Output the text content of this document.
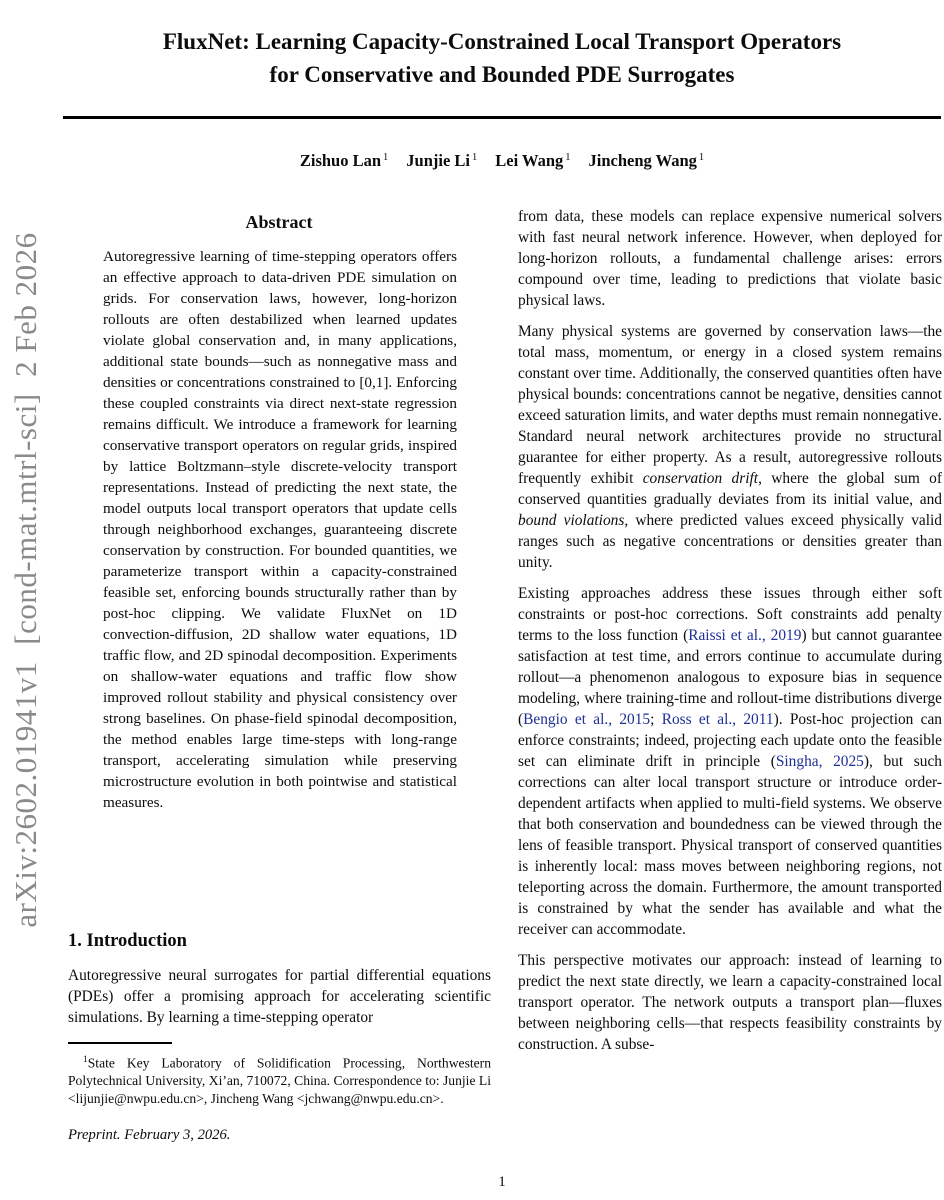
arXiv:2602.01941v1  [cond-mat.mtrl-sci]  2 Feb 2026
FluxNet: Learning Capacity-Constrained Local Transport Operators
for Conservative and Bounded PDE Surrogates
Zishuo Lan $^1$ Junjie Li $^1$ Lei Wang $^1$ Jincheng Wang $^1$
Abstract
Autoregressive learning of time-stepping operators offers an effective approach to data-driven PDE simulation on grids. For conservation laws, however, long-horizon rollouts are often destabilized when learned updates violate global conservation and, in many applications, additional state bounds—such as nonnegative mass and densities or concentrations constrained to [0,1]. Enforcing these coupled constraints via direct next-state regression remains difficult. We introduce a framework for learning conservative transport operators on regular grids, inspired by lattice Boltzmann–style discrete-velocity transport representations. Instead of predicting the next state, the model outputs local transport operators that update cells through neighborhood exchanges, guaranteeing discrete conservation by construction. For bounded quantities, we parameterize transport within a capacity-constrained feasible set, enforcing bounds structurally rather than by post-hoc clipping. We validate FluxNet on 1D convection-diffusion, 2D shallow water equations, 1D traffic flow, and 2D spinodal decomposition. Experiments on shallow-water equations and traffic flow show improved rollout stability and physical consistency over strong baselines. On phase-field spinodal decomposition, the method enables large time-steps with long-range transport, accelerating simulation while preserving microstructure evolution in both pointwise and statistical measures.
1. Introduction

Autoregressive neural surrogates for partial differential equations (PDEs) offer a promising approach for accelerating scientific simulations. By learning a time-stepping operator

$^1$State Key Laboratory of Solidification Processing, Northwestern Polytechnical University, Xi’an, 710072, China. Correspondence to: Junjie Li <lijunjie@nwpu.edu.cn>, Jincheng Wang <jchwang@nwpu.edu.cn>.
Preprint. February 3, 2026.

from data, these models can replace expensive numerical solvers with fast neural network inference. However, when deployed for long-horizon rollouts, a fundamental challenge arises: errors compound over time, leading to predictions that violate basic physical laws.

Many physical systems are governed by conservation laws—the total mass, momentum, or energy in a closed system remains constant over time. Additionally, the conserved quantities often have physical bounds: concentrations cannot be negative, densities cannot exceed saturation limits, and water depths must remain nonnegative. Standard neural network architectures provide no structural guarantee for either property. As a result, autoregressive rollouts frequently exhibit conservation drift, where the global sum of conserved quantities gradually deviates from its initial value, and bound violations, where predicted values exceed physically valid ranges such as negative concentrations or densities greater than unity.

Existing approaches address these issues through either soft constraints or post-hoc corrections. Soft constraints add penalty terms to the loss function (Raissi et al., 2019) but cannot guarantee satisfaction at test time, and errors continue to accumulate during rollout—a phenomenon analogous to exposure bias in sequence modeling, where training-time and rollout-time distributions diverge (Bengio et al., 2015; Ross et al., 2011). Post-hoc projection can enforce constraints; indeed, projecting each update onto the feasible set can eliminate drift in principle (Singha, 2025), but such corrections can alter local transport structure or introduce order-dependent artifacts when applied to multi-field systems. We observe that both conservation and boundedness can be viewed through the lens of feasible transport. Physical transport of conserved quantities is inherently local: mass moves between neighboring regions, not teleporting across the domain. Furthermore, the amount transported is constrained by what the sender has available and what the receiver can accommodate.

This perspective motivates our approach: instead of learning to predict the next state directly, we learn a capacity-constrained local transport operator. The network outputs a transport plan—fluxes between neighboring cells—that respects feasibility constraints by construction. A subse-

1
